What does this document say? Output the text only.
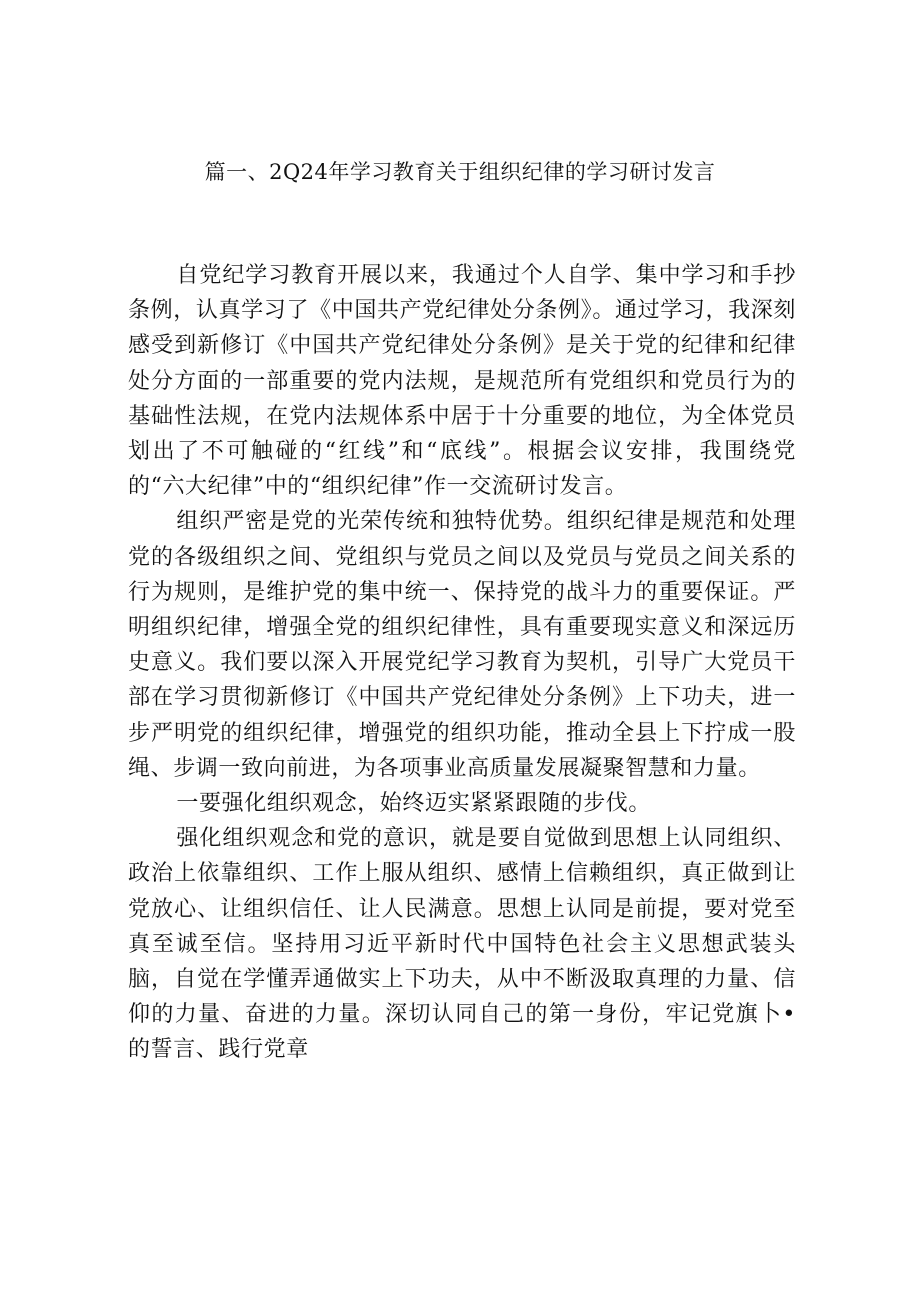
篇一、2Q24年学习教育关于组织纪律的学习研讨发言

自党纪学习教育开展以来，我通过个人自学、集中学习和手抄条例，认真学习了《中国共产党纪律处分条例》。通过学习，我深刻感受到新修订《中国共产党纪律处分条例》是关于党的纪律和纪律处分方面的一部重要的党内法规，是规范所有党组织和党员行为的基础性法规，在党内法规体系中居于十分重要的地位，为全体党员划出了不可触碰的“红线”和“底线”。根据会议安排，我围绕党的“六大纪律”中的“组织纪律”作一交流研讨发言。

组织严密是党的光荣传统和独特优势。组织纪律是规范和处理党的各级组织之间、党组织与党员之间以及党员与党员之间关系的行为规则，是维护党的集中统一、保持党的战斗力的重要保证。严明组织纪律，增强全党的组织纪律性，具有重要现实意义和深远历史意义。我们要以深入开展党纪学习教育为契机，引导广大党员干部在学习贯彻新修订《中国共产党纪律处分条例》上下功夫，进一步严明党的组织纪律，增强党的组织功能，推动全县上下拧成一股绳、步调一致向前进，为各项事业高质量发展凝聚智慧和力量。

一要强化组织观念，始终迈实紧紧跟随的步伐。

强化组织观念和党的意识，就是要自觉做到思想上认同组织、政治上依靠组织、工作上服从组织、感情上信赖组织，真正做到让党放心、让组织信任、让人民满意。思想上认同是前提，要对党至真至诚至信。坚持用习近平新时代中国特色社会主义思想武装头脑，自觉在学懂弄通做实上下功夫，从中不断汲取真理的力量、信仰的力量、奋进的力量。深切认同自己的第一身份，牢记党旗卜•的誓言、践行党章
